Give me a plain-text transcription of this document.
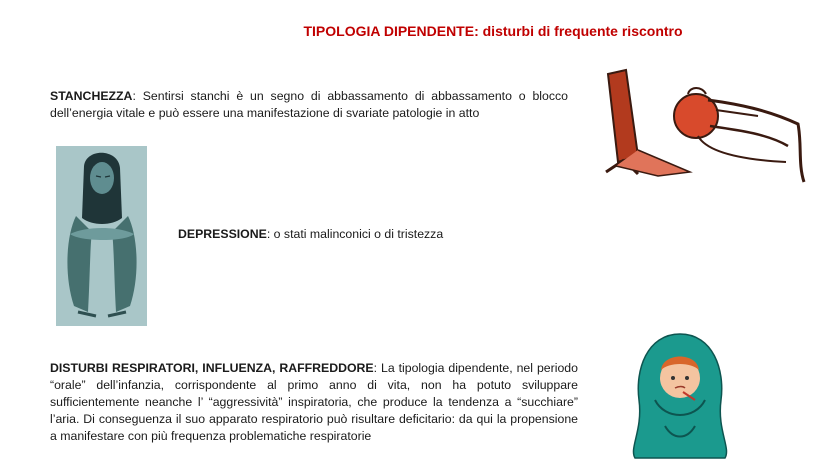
TIPOLOGIA DIPENDENTE: disturbi di frequente riscontro
STANCHEZZA: Sentirsi stanchi è un segno di abbassamento di abbassamento o blocco dell’energia vitale e può essere una manifestazione di svariate patologie in atto
DEPRESSIONE: o stati malinconici o di tristezza
DISTURBI RESPIRATORI, INFLUENZA, RAFFREDDORE: La tipologia dipendente, nel periodo “orale” dell’infanzia, corrispondente al primo anno di vita, non ha potuto sviluppare sufficientemente neanche l’ “aggressività” inspiratoria, che produce la tendenza a “succhiare” l’aria. Di conseguenza il suo apparato respiratorio può risultare deficitario: da qui la propensione a manifestare con più frequenza problematiche respiratorie
